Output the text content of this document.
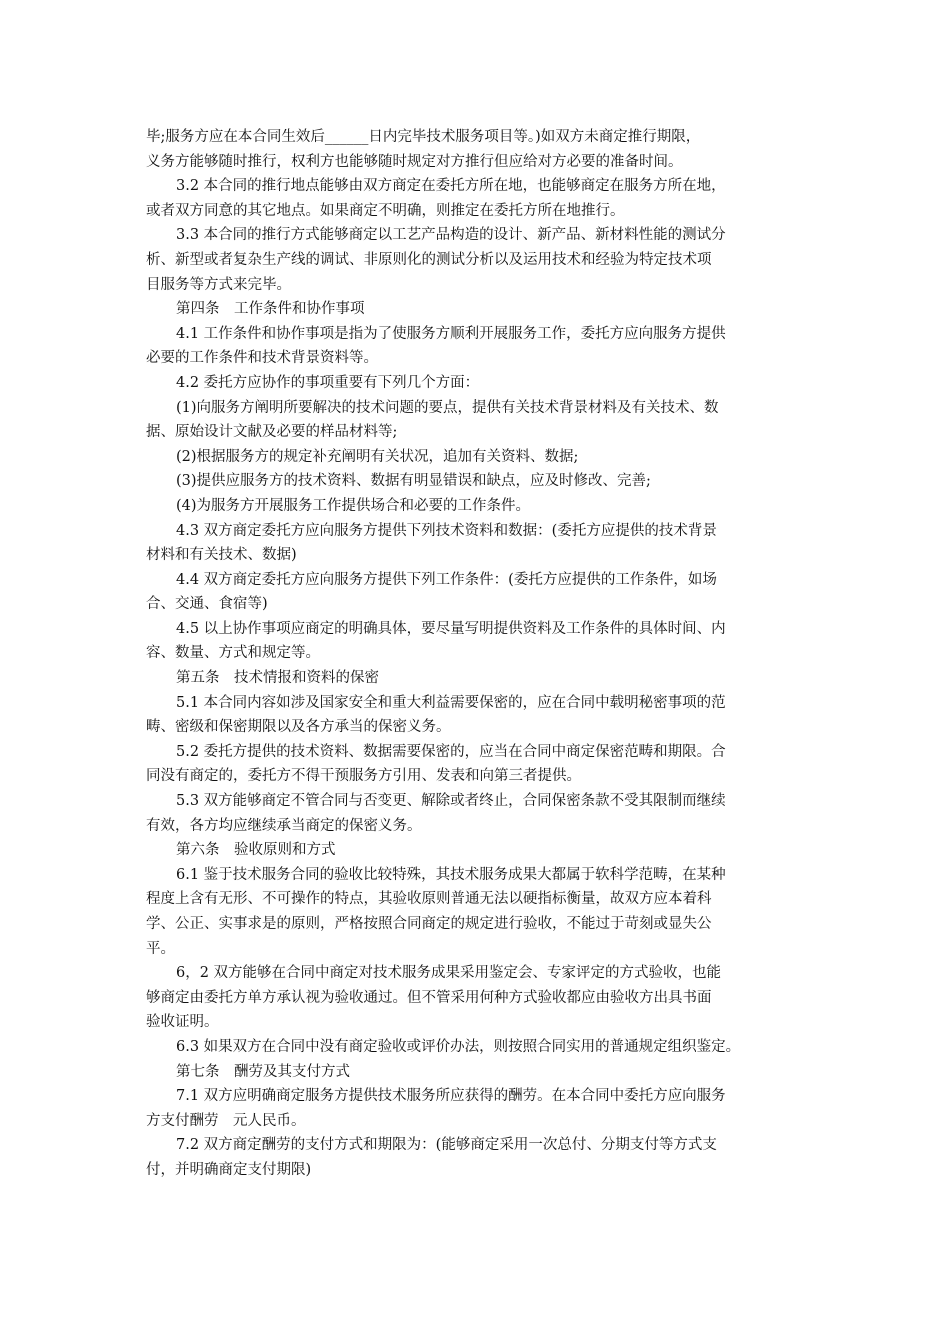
毕;服务方应在本合同生效后______日内完毕技术服务项目等。)如双方未商定推行期限，
义务方能够随时推行，权利方也能够随时规定对方推行但应给对方必要的准备时间。
3.2 本合同的推行地点能够由双方商定在委托方所在地，也能够商定在服务方所在地，
或者双方同意的其它地点。如果商定不明确，则推定在委托方所在地推行。
3.3 本合同的推行方式能够商定以工艺产品构造的设计、新产品、新材料性能的测试分
析、新型或者复杂生产线的调试、非原则化的测试分析以及运用技术和经验为特定技术项
目服务等方式来完毕。
第四条　工作条件和协作事项
4.1 工作条件和协作事项是指为了使服务方顺利开展服务工作，委托方应向服务方提供
必要的工作条件和技术背景资料等。
4.2 委托方应协作的事项重要有下列几个方面：
(1)向服务方阐明所要解决的技术问题的要点，提供有关技术背景材料及有关技术、数
据、原始设计文献及必要的样品材料等;
(2)根据服务方的规定补充阐明有关状况，追加有关资料、数据;
(3)提供应服务方的技术资料、数据有明显错误和缺点，应及时修改、完善;
(4)为服务方开展服务工作提供场合和必要的工作条件。
4.3 双方商定委托方应向服务方提供下列技术资料和数据：(委托方应提供的技术背景
材料和有关技术、数据)
4.4 双方商定委托方应向服务方提供下列工作条件：(委托方应提供的工作条件，如场
合、交通、食宿等)
4.5 以上协作事项应商定的明确具体，要尽量写明提供资料及工作条件的具体时间、内
容、数量、方式和规定等。
第五条　技术情报和资料的保密
5.1 本合同内容如涉及国家安全和重大利益需要保密的，应在合同中载明秘密事项的范
畴、密级和保密期限以及各方承当的保密义务。
5.2 委托方提供的技术资料、数据需要保密的，应当在合同中商定保密范畴和期限。合
同没有商定的，委托方不得干预服务方引用、发表和向第三者提供。
5.3 双方能够商定不管合同与否变更、解除或者终止，合同保密条款不受其限制而继续
有效，各方均应继续承当商定的保密义务。
第六条　验收原则和方式
6.1 鉴于技术服务合同的验收比较特殊，其技术服务成果大都属于软科学范畴，在某种
程度上含有无形、不可操作的特点，其验收原则普通无法以硬指标衡量，故双方应本着科
学、公正、实事求是的原则，严格按照合同商定的规定进行验收，不能过于苛刻或显失公
平。
6，2 双方能够在合同中商定对技术服务成果采用鉴定会、专家评定的方式验收，也能
够商定由委托方单方承认视为验收通过。但不管采用何种方式验收都应由验收方出具书面
验收证明。
6.3 如果双方在合同中没有商定验收或评价办法，则按照合同实用的普通规定组织鉴定。
第七条　酬劳及其支付方式
7.1 双方应明确商定服务方提供技术服务所应获得的酬劳。在本合同中委托方应向服务
方支付酬劳　元人民币。
7.2 双方商定酬劳的支付方式和期限为：(能够商定采用一次总付、分期支付等方式支
付，并明确商定支付期限)
